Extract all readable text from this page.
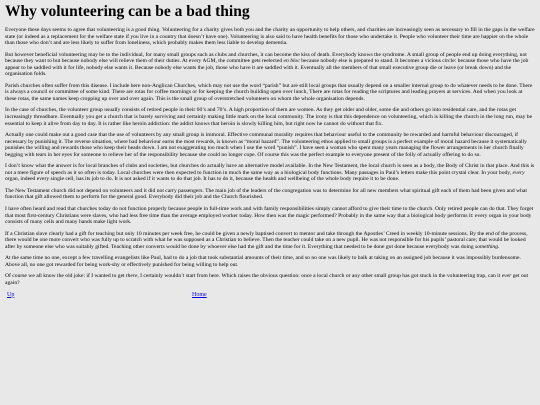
Why volunteering can be a bad thing

Everyone these days seems to agree that volunteering is a good thing. Volunteering for a charity gives both you and the charity an opportunity to help others, and charities are increasingly seen as necessary to fill in the gaps in the welfare state (or indeed as a replacement for the welfare state if you live in a country that doesn’t have one). Volunteering is also said to have health benefits for those who undertake it. People who volunteer their time are happier on the whole than those who don’t and are less likely to suffer from loneliness, which probably makes them less liable to develop dementia.

But however beneficial volunteering may be to the individual, for many small groups such as clubs and churches, it can become the kiss of death. Everybody knows the syndrome. A small group of people end up doing everything, not because they want to but because nobody else will relieve them of their duties. At every AGM, the committee gets reelected en bloc because nobody else is prepared to stand. It becomes a vicious circle: because those who have the job appear to be saddled with it for life, nobody else wants it. Because nobody else wants the job, those who have it are saddled with it. Eventually all the members of that small executive group die or leave (or break down) and the organisation folds.

Parish churches often suffer from this disease. I include here non-Anglican Churches, which may not use the word “parish” but are still local groups that usually depend on a smaller internal group to do whatever needs to be done. There is always a council or committee of some kind. There are rotas for coffee mornings or for keeping the church building open over lunch, There are rotas for reading the scriptures and leading prayers at services. And when you look at these rotas, the same names keep cropping up over and over again. This is the small group of overstretched volunteers on whom the whole organisation depends.

In the case of churches, the volunteer group usually consists of retired people in their 60’s and 70’s. A high proportion of them are women. As they get older and older, some die and others go into residential care, and the rotas get increasingly threadbare. Eventually you get a church that is barely surviving and certainly making little mark on the local community. The irony is that this dependence on volunteering, which is killing the church in the long run, may be essential to keep it alive from day to day. It is rather like heroin addiction: the addict knows that heroin is slowly killing him, but right now he cannot do without that fix.

Actually one could make out a good case that the use of volunteers by any small group is immoral. Effective communal morality requires that behaviour useful to the community be rewarded and harmful behaviour discouraged, if necessary by punishing it. The reverse situation, where bad behaviour earns the most rewards, is known as “moral hazard”. The volunteering ethos applied to small groups is a perfect example of moral hazard because it systematically punishes the willing and rewards those who keep their heads down. I am not exaggerating too much when I use the word “punish”. I have seen a woman who spent many years managing the flower arrangements in her church finally begging with tears in her eyes for someone to relieve her of the responsibility because she could no longer cope. Of course this was the perfect example to everyone present of the folly of actually offering to do so.

I don’t know what the answer is for local branches of clubs and societies, but churches do actually have an alternative model available. In the New Testament, the local church is seen as a body, the Body of Christ in that place. And this is not a mere figure of speech as it so often is today. Local churches were then expected to function in much the same way as a biological body functions. Many passages in Paul’s letters make this point crystal clear. In your body, every organ, indeed every single cell, has its job to do. It is not asked if it wants to do that job. It has to do it, because the health and wellbeing of the whole body require it to be done.

The New Testament church did not depend on volunteers and it did not carry passengers. The main job of the leaders of the congregation was to determine for all new members what spiritual gift each of them had been given and what function that gift allowed them to perform for the general good. Everybody did their job and the Church flourished.

I have often heard and read that churches today do not function properly because people in full-time work and with family responsibilities simply cannot afford to give their time to the church. Only retired people can do that. They forget that most first-century Christians were slaves, who had less free time than the average employed worker today. How then was the magic performed? Probably in the same way that a biological body performs it: every organ in your body consists of many cells and many hands make light work.

If a Christian slave clearly had a gift for teaching but only 10 minutes per week free, he could be given a newly baptised convert to mentor and take through the Apostles’ Creed in weekly 10-minute sessions. By the end of the process, there would be one more convert who was fully up to scratch with what he was supposed as a Christian to believe. Then the teacher could take on a new pupil. He was not responsible for his pupils’ pastoral care; that would be looked after by someone else who was suitably gifted. Teaching other converts would be done by whoever else had the gift and the time for it. Everything that needed to be done got done because everybody was doing something.

At the same time no one, except a few travelling evangelists like Paul, had to do a job that took substantial amounts of their time, and so no one was likely to balk at taking on an assigned job because it was impossibly burdensome. Above all, no one got rewarded for being work-shy or effectively punished for being willing to help out.

Of course we all know the old joke: if I wanted to get there, I certainly wouldn’t start from here. Which raises the obvious question: once a local church or any other small group has got stuck in the volunteering trap, can it ever get out again?

Up	Home
